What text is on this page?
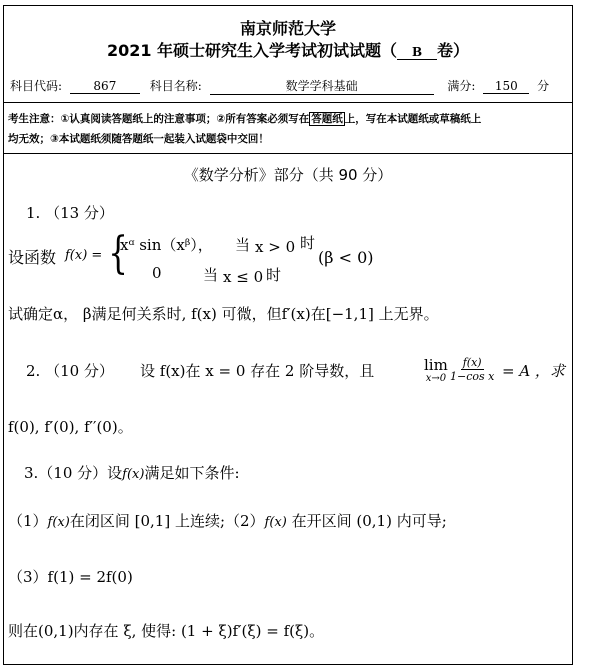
南京师范大学
2021 年硕士研究生入学考试初试试题（ B 卷）
科目代码:	867	科目名称:	数学学科基础	满分: 150 分
考生注意：①认真阅读答题纸上的注意事项；②所有答案必须写在 答题纸 上，写在本试题纸或草稿纸上
均无效；③本试题纸须随答题纸一起装入试题袋中交回！
《数学分析》部分（共 90 分）
1. （13 分）
设函数 f(x) = {
xᵅ sin（xᵝ）， 当 x > 0 时
(β < 0)
0	当 x ≤ 0 时
试确定α， β满足何关系时, f(x) 可微，但f′(x)在[−1,1] 上无界。
2. （10 分） 设 f(x)在 x = 0 存在 2 阶导数，且	lim
$x\to 0 \frac{f(x)}{\text{1−cos x}} = A$ ，求
f(0), f′(0), f′′(0)。
3.（10 分）设f(x)满足如下条件:
（1）f(x)在闭区间 [0,1] 上连续;（2）f(x) 在开区间 (0,1) 内可导;
（3）f(1) = 2f(0)
则在(0,1)内存在 ξ, 使得: (1 + ξ)f′(ξ) = f(ξ)。
